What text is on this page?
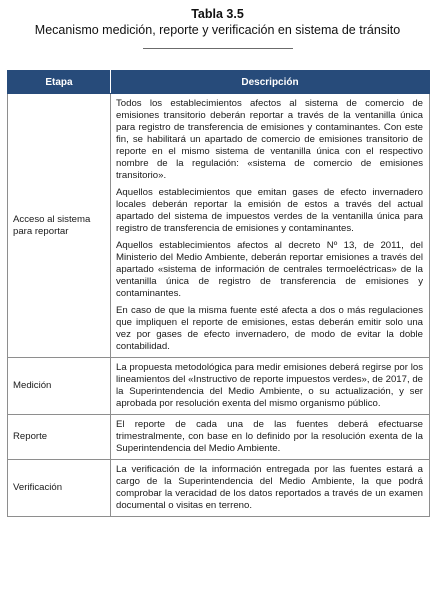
Tabla 3.5
Mecanismo medición, reporte y verificación en sistema de tránsito
Etapa	Descripción
Acceso al sistema para reportar	Todos los establecimientos afectos al sistema de comercio de emisiones transitorio deberán reportar a través de la ventanilla única para registro de transferencia de emisiones y contaminantes. Con este fin, se habilitará un apartado de comercio de emisiones transitorio de reporte en el mismo sistema de ventanilla única con el respectivo nombre de la regulación: «sistema de comercio de emisiones transitorio».

Aquellos establecimientos que emitan gases de efecto invernadero locales deberán reportar la emisión de estos a través del actual apartado del sistema de impuestos verdes de la ventanilla única para registro de transferencia de emisiones y contaminantes.

Aquellos establecimientos afectos al decreto Nº 13, de 2011, del Ministerio del Medio Ambiente, deberán reportar emisiones a través del apartado «sistema de información de centrales termoeléctricas» de la ventanilla única de registro de transferencia de emisiones y contaminantes.

En caso de que la misma fuente esté afecta a dos o más regulaciones que impliquen el reporte de emisiones, estas deberán emitir solo una vez por gases de efecto invernadero, de modo de evitar la doble contabilidad.

Medición	La propuesta metodológica para medir emisiones deberá regirse por los lineamientos del «Instructivo de reporte impuestos verdes», de 2017, de la Superintendencia del Medio Ambiente, o su actualización, y ser aprobada por resolución exenta del mismo organismo público.

Reporte	El reporte de cada una de las fuentes deberá efectuarse trimestralmente, con base en lo definido por la resolución exenta de la Superintendencia del Medio Ambiente.

Verificación	La verificación de la información entregada por las fuentes estará a cargo de la Superintendencia del Medio Ambiente, la que podrá comprobar la veracidad de los datos reportados a través de un examen documental o visitas en terreno.
